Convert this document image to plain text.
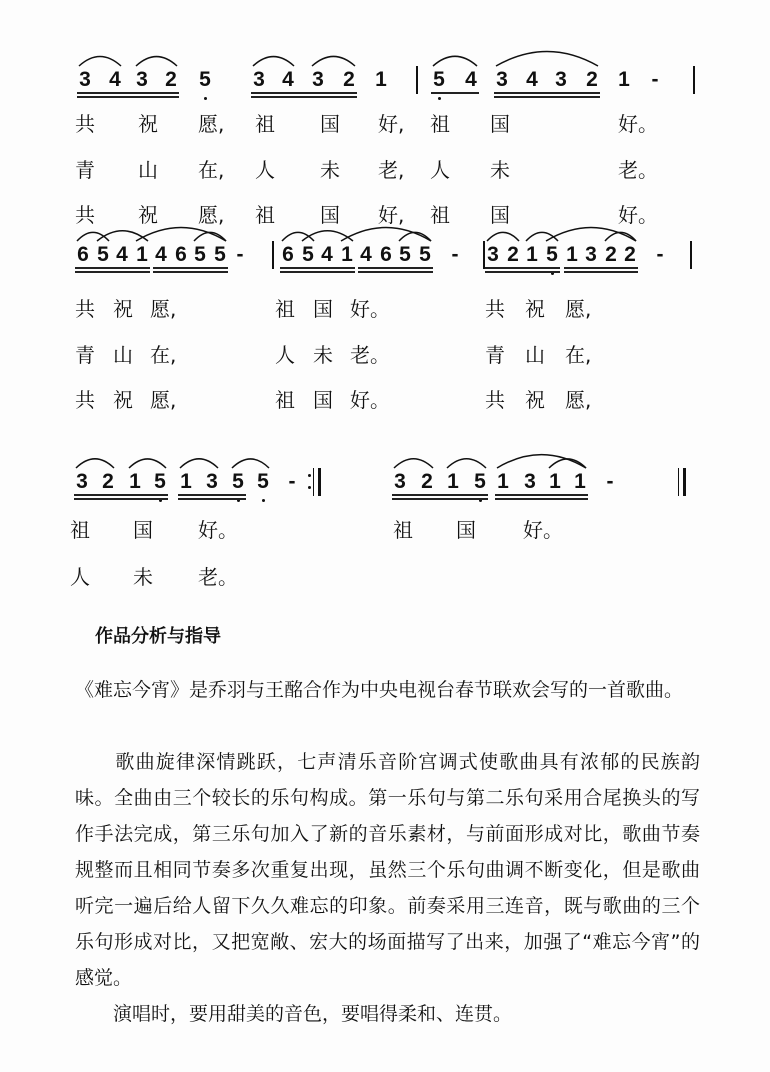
作品分析与指导
《难忘今宵》是乔羽与王酩合作为中央电视台春节联欢会写的一首歌曲。
　　歌曲旋律深情跳跃，七声清乐音阶宫调式使歌曲具有浓郁的民族韵味。全曲由三个较长的乐句构成。第一乐句与第二乐句采用合尾换头的写作手法完成，第三乐句加入了新的音乐素材，与前面形成对比，歌曲节奏规整而且相同节奏多次重复出现，虽然三个乐句曲调不断变化，但是歌曲听完一遍后给人留下久久难忘的印象。前奏采用三连音，既与歌曲的三个乐句形成对比，又把宽敞、宏大的场面描写了出来，加强了“难忘今宵”的感觉。
　　演唱时，要用甜美的音色，要唱得柔和、连贯。
3 4 3 2 5 3 4 3 2 1 5 4 3 4 3 2 1 -
6 5 4 1 4 6 5 5 - 6 5 4 1 4 6 5 5 - 3 2 1 5 1 3 2 2 -
3 2 1 5 1 3 5 5 -	3 2 1 5 1 3 1 1 -
共 祝 愿, 祖 国 好, 祖 国	好。
青 山 在, 人 未 老, 人 未	老。
共 祝 愿, 祖 国 好, 祖 国	好。
共 祝 愿,	祖 国 好。	共 祝 愿,
青 山 在,	人 未 老。	青 山 在,
共 祝 愿,	祖 国 好。	共 祝 愿,
祖 国 好。	祖 国 好。
人 未 老。
